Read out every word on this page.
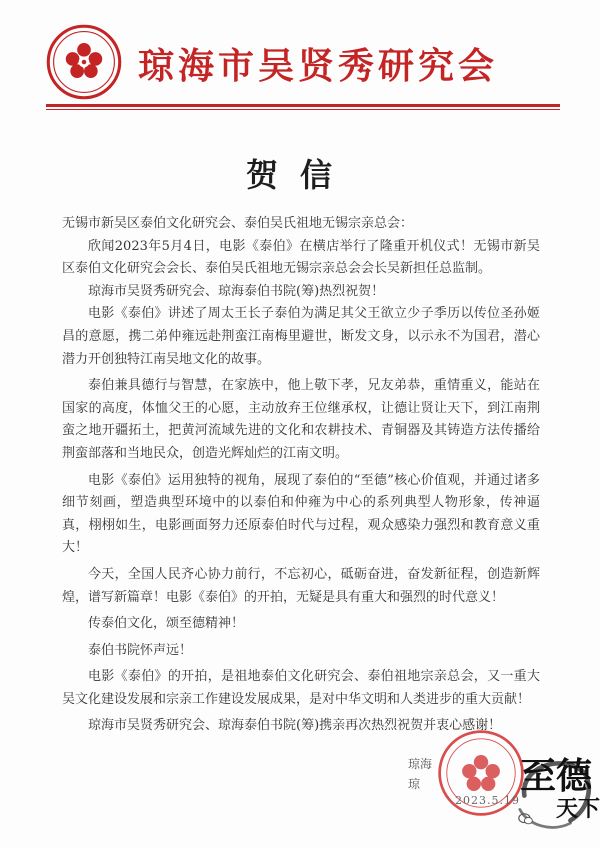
琼海市吴贤秀研究会
贺信

无锡市新吴区泰伯文化研究会、泰伯吴氏祖地无锡宗亲总会：

欣闻2023年5月4日，电影《泰伯》在横店举行了隆重开机仪式！无锡市新吴区泰伯文化研究会会长、泰伯吴氏祖地无锡宗亲总会会长吴新担任总监制。

琼海市吴贤秀研究会、琼海泰伯书院(筹)热烈祝贺！

电影《泰伯》讲述了周太王长子泰伯为满足其父王欲立少子季历以传位圣孙姬昌的意愿，携二弟仲雍远赴荆蛮江南梅里避世，断发文身，以示永不为国君，潜心潜力开创独特江南吴地文化的故事。

泰伯兼具德行与智慧，在家族中，他上敬下孝，兄友弟恭，重情重义，能站在国家的高度，体恤父王的心愿，主动放弃王位继承权，让德让贤让天下，到江南荆蛮之地开疆拓土，把黄河流域先进的文化和农耕技术、青铜器及其铸造方法传播给荆蛮部落和当地民众，创造光辉灿烂的江南文明。

电影《泰伯》运用独特的视角，展现了泰伯的“至德”核心价值观，并通过诸多细节刻画，塑造典型环境中的以泰伯和仲雍为中心的系列典型人物形象，传神逼真，栩栩如生，电影画面努力还原泰伯时代与过程，观众感染力强烈和教育意义重大！

今天，全国人民齐心协力前行，不忘初心，砥砺奋进，奋发新征程，创造新辉煌，谱写新篇章！电影《泰伯》的开拍，无疑是具有重大和强烈的时代意义！

传泰伯文化，颂至德精神！

泰伯书院怀声远！

电影《泰伯》的开拍，是祖地泰伯文化研究会、泰伯祖地宗亲总会，又一重大吴文化建设发展和宗亲工作建设发展成果，是对中华文明和人类进步的重大贡献！

琼海市吴贤秀研究会、琼海泰伯书院(筹)携亲再次热烈祝贺并衷心感谢！

琼海
琼
2023.5.19
至德
天下
